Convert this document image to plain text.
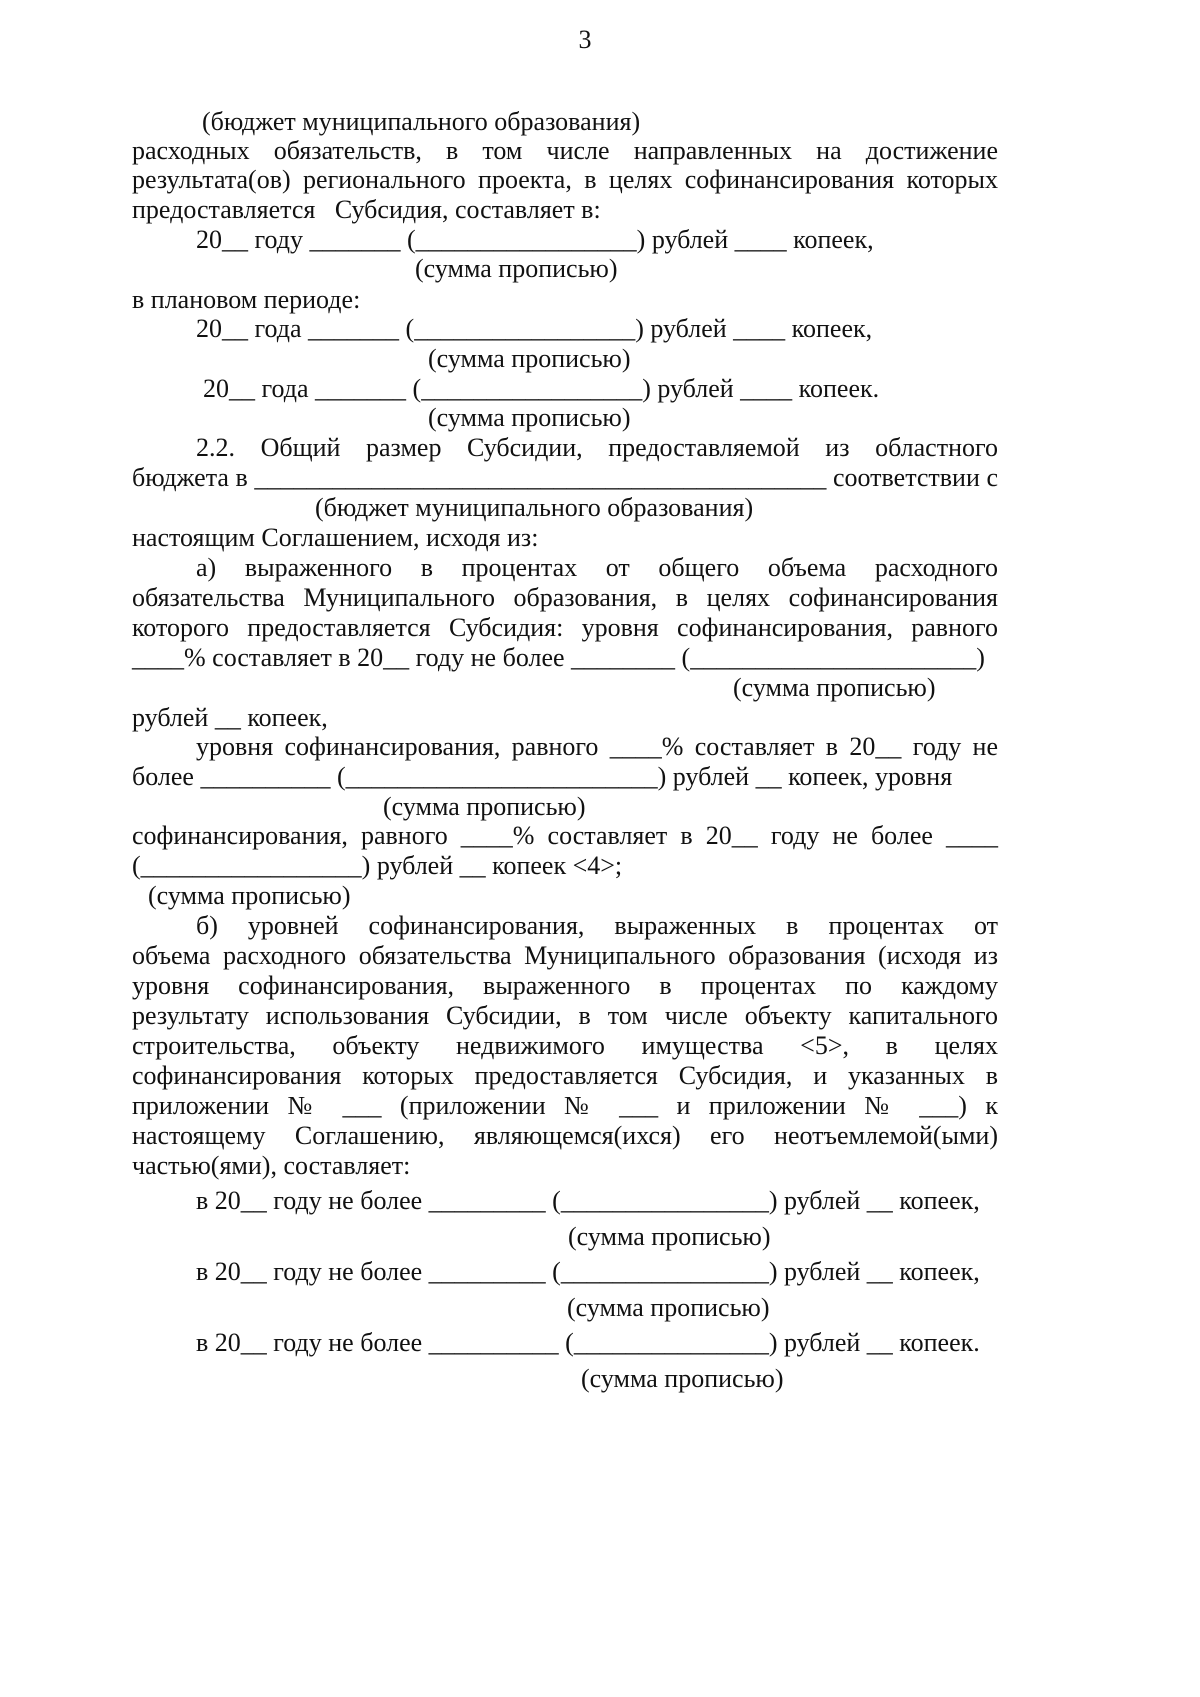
3
(бюджет муниципального образования)
расходных обязательств, в том числе направленных на достижение
результата(ов) регионального проекта, в целях софинансирования которых
предоставляется   Субсидия, составляет в:
20__ году _______ (_________________) рублей ____ копеек,
(сумма прописью)
в плановом периоде:
20__ года _______ (_________________) рублей ____ копеек,
(сумма прописью)
20__ года _______ (_________________) рублей ____ копеек.
(сумма прописью)
2.2. Общий размер Субсидии, предоставляемой из областного
бюджета в ____________________________________________ соответствии с
(бюджет муниципального образования)
настоящим Соглашением, исходя из:
а) выраженного в процентах от общего объема расходного
обязательства Муниципального образования, в целях софинансирования
которого предоставляется Субсидия: уровня софинансирования, равного
____% составляет в 20__ году не более ________ (______________________)
(сумма прописью)
рублей __ копеек,
уровня софинансирования, равного ____% составляет в 20__ году не
более __________ (________________________) рублей __ копеек, уровня
(сумма прописью)
софинансирования, равного ____% составляет в 20__ году не более ____
(_________________) рублей __ копеек <4>;
(сумма прописью)
б) уровней софинансирования, выраженных в процентах от
объема расходного обязательства Муниципального образования (исходя из
уровня софинансирования, выраженного в процентах по каждому
результату использования Субсидии, в том числе объекту капитального
строительства, объекту недвижимого имущества <5>, в целях
софинансирования которых предоставляется Субсидия, и указанных в
приложении № ___ (приложении № ___ и приложении № ___) к
настоящему Соглашению, являющемся(ихся) его неотъемлемой(ыми)
частью(ями), составляет:
в 20__ году не более _________ (________________) рублей __ копеек,
(сумма прописью)
в 20__ году не более _________ (________________) рублей __ копеек,
(сумма прописью)
в 20__ году не более __________ (_______________) рублей __ копеек.
(сумма прописью)
